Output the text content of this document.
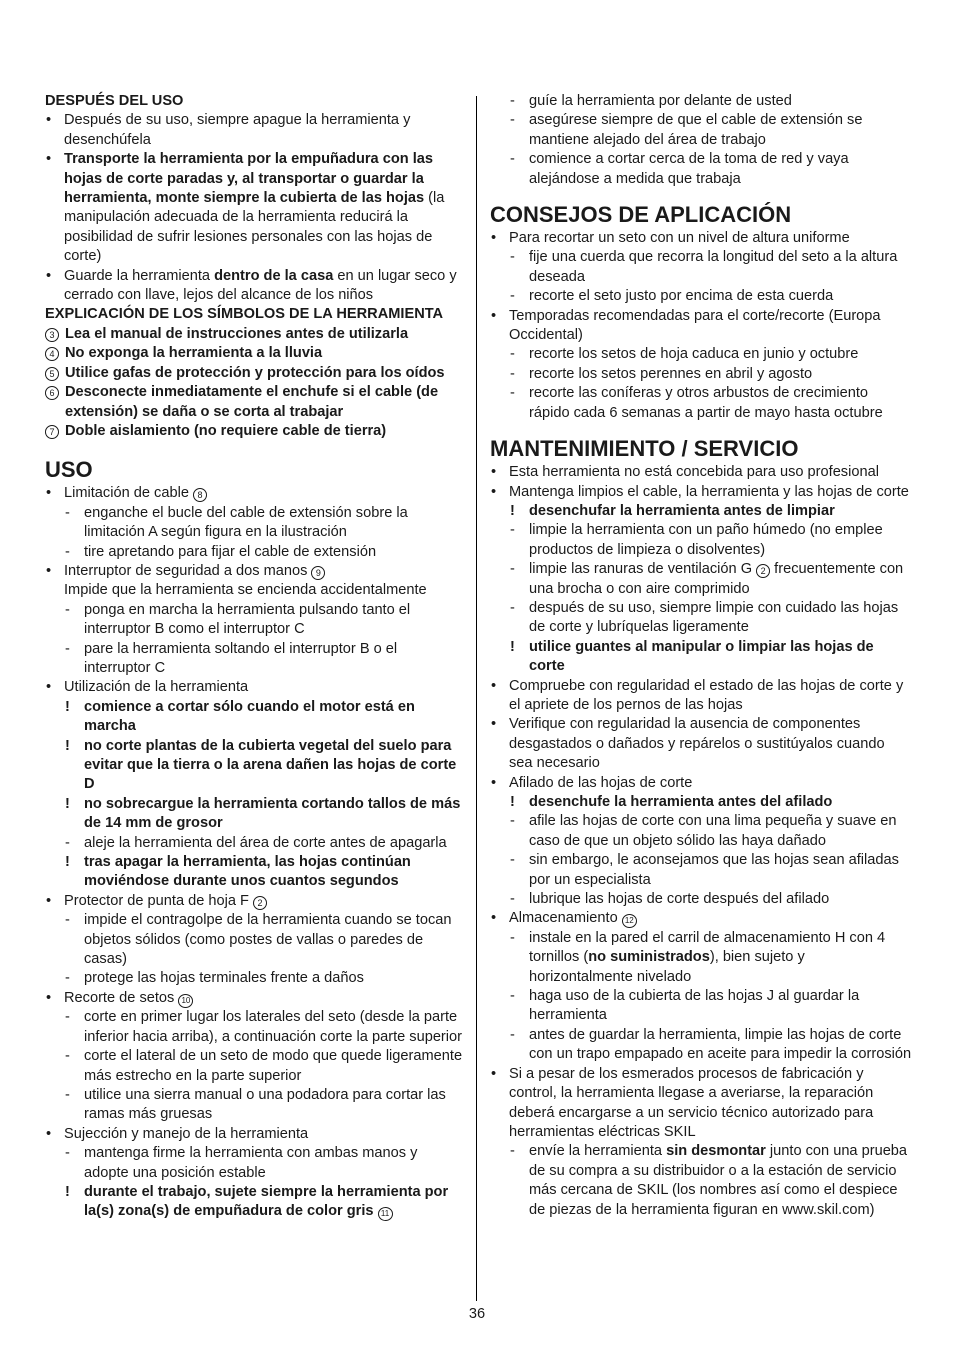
DESPUÉS DEL USO
• Después de su uso, siempre apague la herramienta y desenchúfela
• Transporte la herramienta por la empuñadura con las hojas de corte paradas y, al transportar o guardar la herramienta, monte siempre la cubierta de las hojas (la manipulación adecuada de la herramienta reducirá la posibilidad de sufrir lesiones personales con las hojas de corte)
• Guarde la herramienta dentro de la casa en un lugar seco y cerrado con llave, lejos del alcance de los niños
EXPLICACIÓN DE LOS SÍMBOLOS DE LA HERRAMIENTA
3 Lea el manual de instrucciones antes de utilizarla
4 No exponga la herramienta a la lluvia
5 Utilice gafas de protección y protección para los oídos
6 Desconecte inmediatamente el enchufe si el cable (de extensión) se daña o se corta al trabajar
7 Doble aislamiento (no requiere cable de tierra)
USO
• Limitación de cable 8
- enganche el bucle del cable de extensión sobre la limitación A según figura en la ilustración
- tire apretando para fijar el cable de extensión
• Interruptor de seguridad a dos manos 9
Impide que la herramienta se encienda accidentalmente
- ponga en marcha la herramienta pulsando tanto el interruptor B como el interruptor C
- pare la herramienta soltando el interruptor B o el interruptor C
• Utilización de la herramienta
! comience a cortar sólo cuando el motor está en marcha
! no corte plantas de la cubierta vegetal del suelo para evitar que la tierra o la arena dañen las hojas de corte D
! no sobrecargue la herramienta cortando tallos de más de 14 mm de grosor
- aleje la herramienta del área de corte antes de apagarla
! tras apagar la herramienta, las hojas continúan moviéndose durante unos cuantos segundos
• Protector de punta de hoja F 2
- impide el contragolpe de la herramienta cuando se tocan objetos sólidos (como postes de vallas o paredes de casas)
- protege las hojas terminales frente a daños
• Recorte de setos 10
- corte en primer lugar los laterales del seto (desde la parte inferior hacia arriba), a continuación corte la parte superior
- corte el lateral de un seto de modo que quede ligeramente más estrecho en la parte superior
- utilice una sierra manual o una podadora para cortar las ramas más gruesas
• Sujección y manejo de la herramienta
- mantenga firme la herramienta con ambas manos y adopte una posición estable
! durante el trabajo, sujete siempre la herramienta por la(s) zona(s) de empuñadura de color gris 11
- guíe la herramienta por delante de usted
- asegúrese siempre de que el cable de extensión se mantiene alejado del área de trabajo
- comience a cortar cerca de la toma de red y vaya alejándose a medida que trabaja
CONSEJOS DE APLICACIÓN
• Para recortar un seto con un nivel de altura uniforme
- fije una cuerda que recorra la longitud del seto a la altura deseada
- recorte el seto justo por encima de esta cuerda
• Temporadas recomendadas para el corte/recorte (Europa Occidental)
- recorte los setos de hoja caduca en junio y octubre
- recorte los setos perennes en abril y agosto
- recorte las coníferas y otros arbustos de crecimiento rápido cada 6 semanas a partir de mayo hasta octubre
MANTENIMIENTO / SERVICIO
• Esta herramienta no está concebida para uso profesional
• Mantenga limpios el cable, la herramienta y las hojas de corte
! desenchufar la herramienta antes de limpiar
- limpie la herramienta con un paño húmedo (no emplee productos de limpieza o disolventes)
- limpie las ranuras de ventilación G 2 frecuentemente con una brocha o con aire comprimido
- después de su uso, siempre limpie con cuidado las hojas de corte y lubríquelas ligeramente
! utilice guantes al manipular o limpiar las hojas de corte
• Compruebe con regularidad el estado de las hojas de corte y el apriete de los pernos de las hojas
• Verifique con regularidad la ausencia de componentes desgastados o dañados y repárelos o sustitúyalos cuando sea necesario
• Afilado de las hojas de corte
! desenchufe la herramienta antes del afilado
- afile las hojas de corte con una lima pequeña y suave en caso de que un objeto sólido las haya dañado
- sin embargo, le aconsejamos que las hojas sean afiladas por un especialista
- lubrique las hojas de corte después del afilado
• Almacenamiento 12
- instale en la pared el carril de almacenamiento H con 4 tornillos (no suministrados), bien sujeto y horizontalmente nivelado
- haga uso de la cubierta de las hojas J al guardar la herramienta
- antes de guardar la herramienta, limpie las hojas de corte con un trapo empapado en aceite para impedir la corrosión
• Si a pesar de los esmerados procesos de fabricación y control, la herramienta llegase a averiarse, la reparación deberá encargarse a un servicio técnico autorizado para herramientas eléctricas SKIL
- envíe la herramienta sin desmontar junto con una prueba de su compra a su distribuidor o a la estación de servicio más cercana de SKIL (los nombres así como el despiece de piezas de la herramienta figuran en www.skil.com)
36
